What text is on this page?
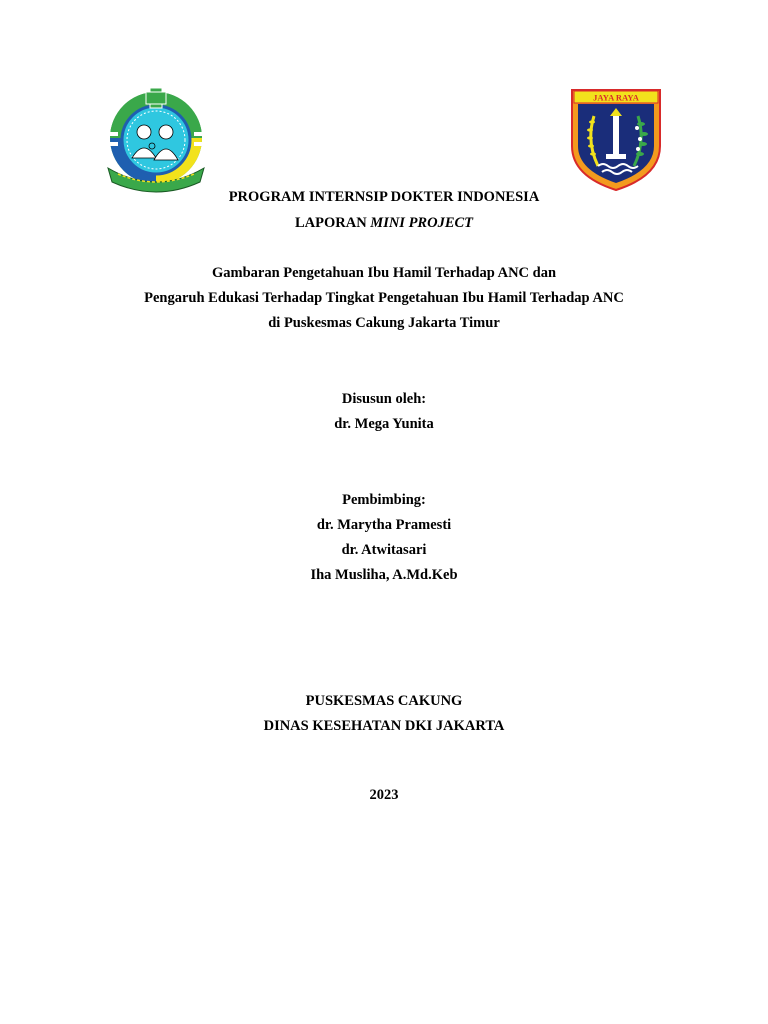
JAYA RAYA
PROGRAM INTERNSIP DOKTER INDONESIA
LAPORAN MINI PROJECT
Gambaran Pengetahuan Ibu Hamil Terhadap ANC dan
Pengaruh Edukasi Terhadap Tingkat Pengetahuan Ibu Hamil Terhadap ANC
di Puskesmas Cakung Jakarta Timur
Disusun oleh:
dr. Mega Yunita
Pembimbing:
dr. Marytha Pramesti
dr. Atwitasari
Iha Musliha, A.Md.Keb
PUSKESMAS CAKUNG
DINAS KESEHATAN DKI JAKARTA
2023
